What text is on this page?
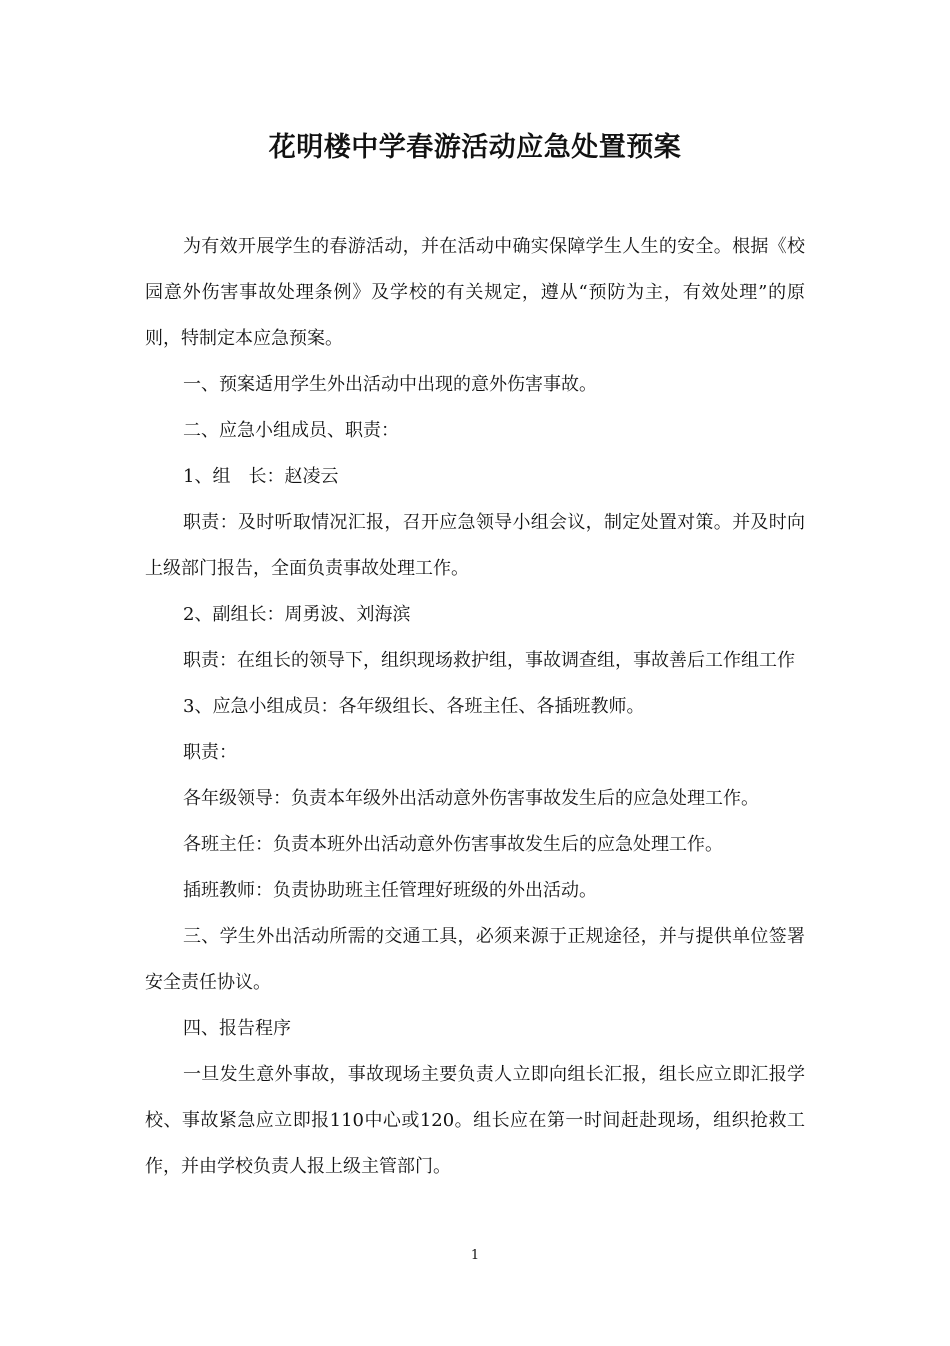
花明楼中学春游活动应急处置预案

为有效开展学生的春游活动，并在活动中确实保障学生人生的安全。根据《校园意外伤害事故处理条例》及学校的有关规定，遵从“预防为主，有效处理”的原则，特制定本应急预案。

一、预案适用学生外出活动中出现的意外伤害事故。

二、应急小组成员、职责：

1、组　长：赵凌云

职责：及时听取情况汇报，召开应急领导小组会议，制定处置对策。并及时向上级部门报告，全面负责事故处理工作。

2、副组长：周勇波、刘海滨

职责：在组长的领导下，组织现场救护组，事故调查组，事故善后工作组工作

3、应急小组成员：各年级组长、各班主任、各插班教师。

职责：

各年级领导：负责本年级外出活动意外伤害事故发生后的应急处理工作。

各班主任：负责本班外出活动意外伤害事故发生后的应急处理工作。

插班教师：负责协助班主任管理好班级的外出活动。

三、学生外出活动所需的交通工具，必须来源于正规途径，并与提供单位签署安全责任协议。

四、报告程序

一旦发生意外事故，事故现场主要负责人立即向组长汇报，组长应立即汇报学校、事故紧急应立即报110中心或120。组长应在第一时间赶赴现场，组织抢救工作，并由学校负责人报上级主管部门。

1
